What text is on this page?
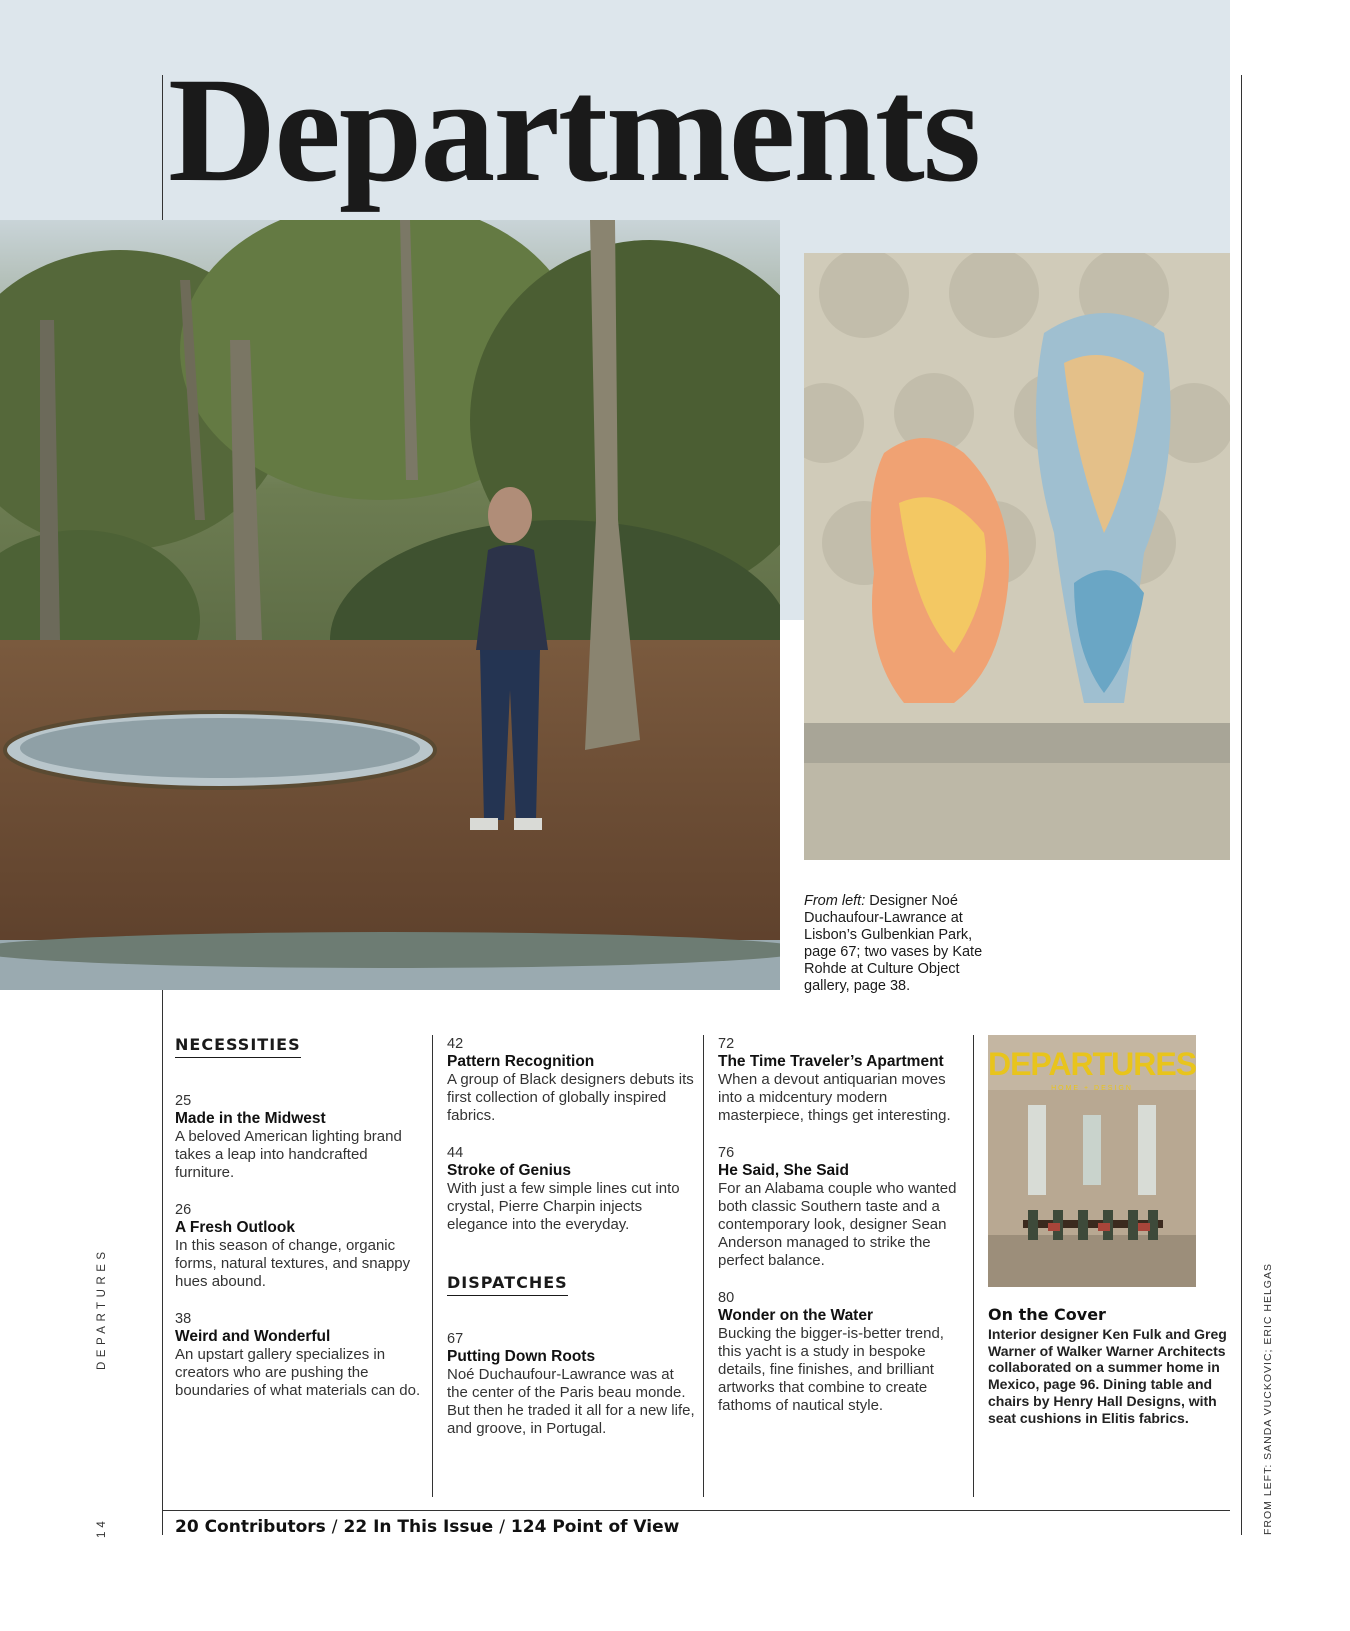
Departments

From left: Designer Noé Duchaufour-Lawrance at Lisbon’s Gulbenkian Park, page 67; two vases by Kate Rohde at Culture Object gallery, page 38.

NECESSITIES
25
Made in the Midwest
A beloved American lighting brand takes a leap into handcrafted furniture.
26
A Fresh Outlook
In this season of change, organic forms, natural textures, and snappy hues abound.
38
Weird and Wonderful
An upstart gallery specializes in creators who are pushing the boundaries of what materials can do.
42
Pattern Recognition
A group of Black designers debuts its first collection of globally inspired fabrics.
44
Stroke of Genius
With just a few simple lines cut into crystal, Pierre Charpin injects elegance into the everyday.
DISPATCHES
67
Putting Down Roots
Noé Duchaufour-Lawrance was at the center of the Paris beau monde. But then he traded it all for a new life, and groove, in Portugal.
72
The Time Traveler’s Apartment
When a devout antiquarian moves into a midcentury modern masterpiece, things get interesting.
76
He Said, She Said
For an Alabama couple who wanted both classic Southern taste and a contemporary look, designer Sean Anderson managed to strike the perfect balance.
80
Wonder on the Water
Bucking the bigger-is-better trend, this yacht is a study in bespoke details, fine finishes, and brilliant artworks that combine to create fathoms of nautical style.
DEPARTURES
HOME + DESIGN
On the Cover
Interior designer Ken Fulk and Greg Warner of Walker Warner Architects collaborated on a summer home in Mexico, page 96. Dining table and chairs by Henry Hall Designs, with seat cushions in Elitis fabrics.
20 Contributors / 22 In This Issue / 124 Point of View
DEPARTURES
14	FROM LEFT: SANDA VUCKOVIC; ERIC HELGAS
